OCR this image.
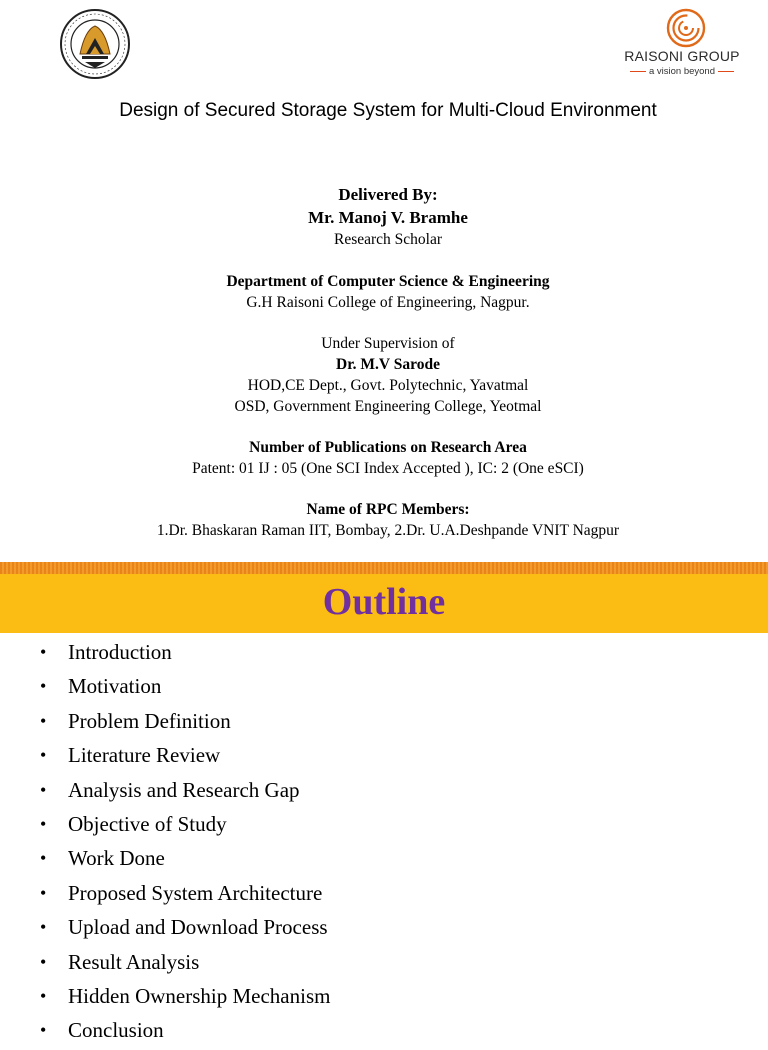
RAISONI GROUP
a vision beyond
Design of Secured Storage System for Multi-Cloud Environment
Delivered By:
Mr. Manoj V. Bramhe
Research Scholar
Department of Computer Science & Engineering
G.H Raisoni College of Engineering, Nagpur.
Under Supervision of
Dr. M.V Sarode
HOD,CE Dept., Govt. Polytechnic, Yavatmal
OSD, Government Engineering College, Yeotmal
Number of Publications on Research Area
Patent: 01 IJ : 05 (One SCI Index Accepted ), IC: 2 (One eSCI)
Name of RPC Members:
1.Dr. Bhaskaran Raman IIT, Bombay, 2.Dr. U.A.Deshpande VNIT Nagpur
Outline
• Introduction
• Motivation
• Problem Definition
• Literature Review
• Analysis and Research Gap
• Objective of Study
• Work Done
• Proposed System Architecture
• Upload and Download Process
• Result Analysis
• Hidden Ownership Mechanism
• Conclusion
